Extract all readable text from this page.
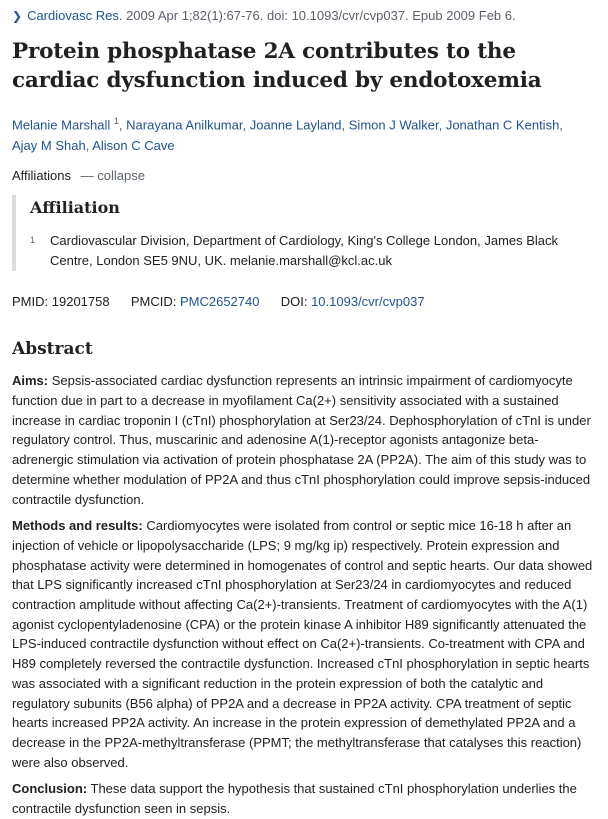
❯ Cardiovasc Res. 2009 Apr 1;82(1):67-76. doi: 10.1093/cvr/cvp037. Epub 2009 Feb 6.
Protein phosphatase 2A contributes to the cardiac dysfunction induced by endotoxemia
Melanie Marshall $^1$, Narayana Anilkumar, Joanne Layland, Simon J Walker, Jonathan C Kentish,
Ajay M Shah, Alison C Cave
Affiliations — collapse
Affiliation
1	Cardiovascular Division, Department of Cardiology, King's College London, James Black Centre, London SE5 9NU, UK. melanie.marshall@kcl.ac.uk
PMID: 19201758 PMCID: PMC2652740 DOI: 10.1093/cvr/cvp037
Abstract
Aims: Sepsis-associated cardiac dysfunction represents an intrinsic impairment of cardiomyocyte function due in part to a decrease in myofilament Ca(2+) sensitivity associated with a sustained increase in cardiac troponin I (cTnI) phosphorylation at Ser23/24. Dephosphorylation of cTnI is under regulatory control. Thus, muscarinic and adenosine A(1)-receptor agonists antagonize beta-adrenergic stimulation via activation of protein phosphatase 2A (PP2A). The aim of this study was to determine whether modulation of PP2A and thus cTnI phosphorylation could improve sepsis-induced contractile dysfunction.
Methods and results: Cardiomyocytes were isolated from control or septic mice 16-18 h after an injection of vehicle or lipopolysaccharide (LPS; 9 mg/kg ip) respectively. Protein expression and phosphatase activity were determined in homogenates of control and septic hearts. Our data showed that LPS significantly increased cTnI phosphorylation at Ser23/24 in cardiomyocytes and reduced contraction amplitude without affecting Ca(2+)-transients. Treatment of cardiomyocytes with the A(1) agonist cyclopentyladenosine (CPA) or the protein kinase A inhibitor H89 significantly attenuated the LPS-induced contractile dysfunction without effect on Ca(2+)-transients. Co-treatment with CPA and H89 completely reversed the contractile dysfunction. Increased cTnI phosphorylation in septic hearts was associated with a significant reduction in the protein expression of both the catalytic and regulatory subunits (B56 alpha) of PP2A and a decrease in PP2A activity. CPA treatment of septic hearts increased PP2A activity. An increase in the protein expression of demethylated PP2A and a decrease in the PP2A-methyltransferase (PPMT; the methyltransferase that catalyses this reaction) were also observed.
Conclusion: These data support the hypothesis that sustained cTnI phosphorylation underlies the contractile dysfunction seen in sepsis.
